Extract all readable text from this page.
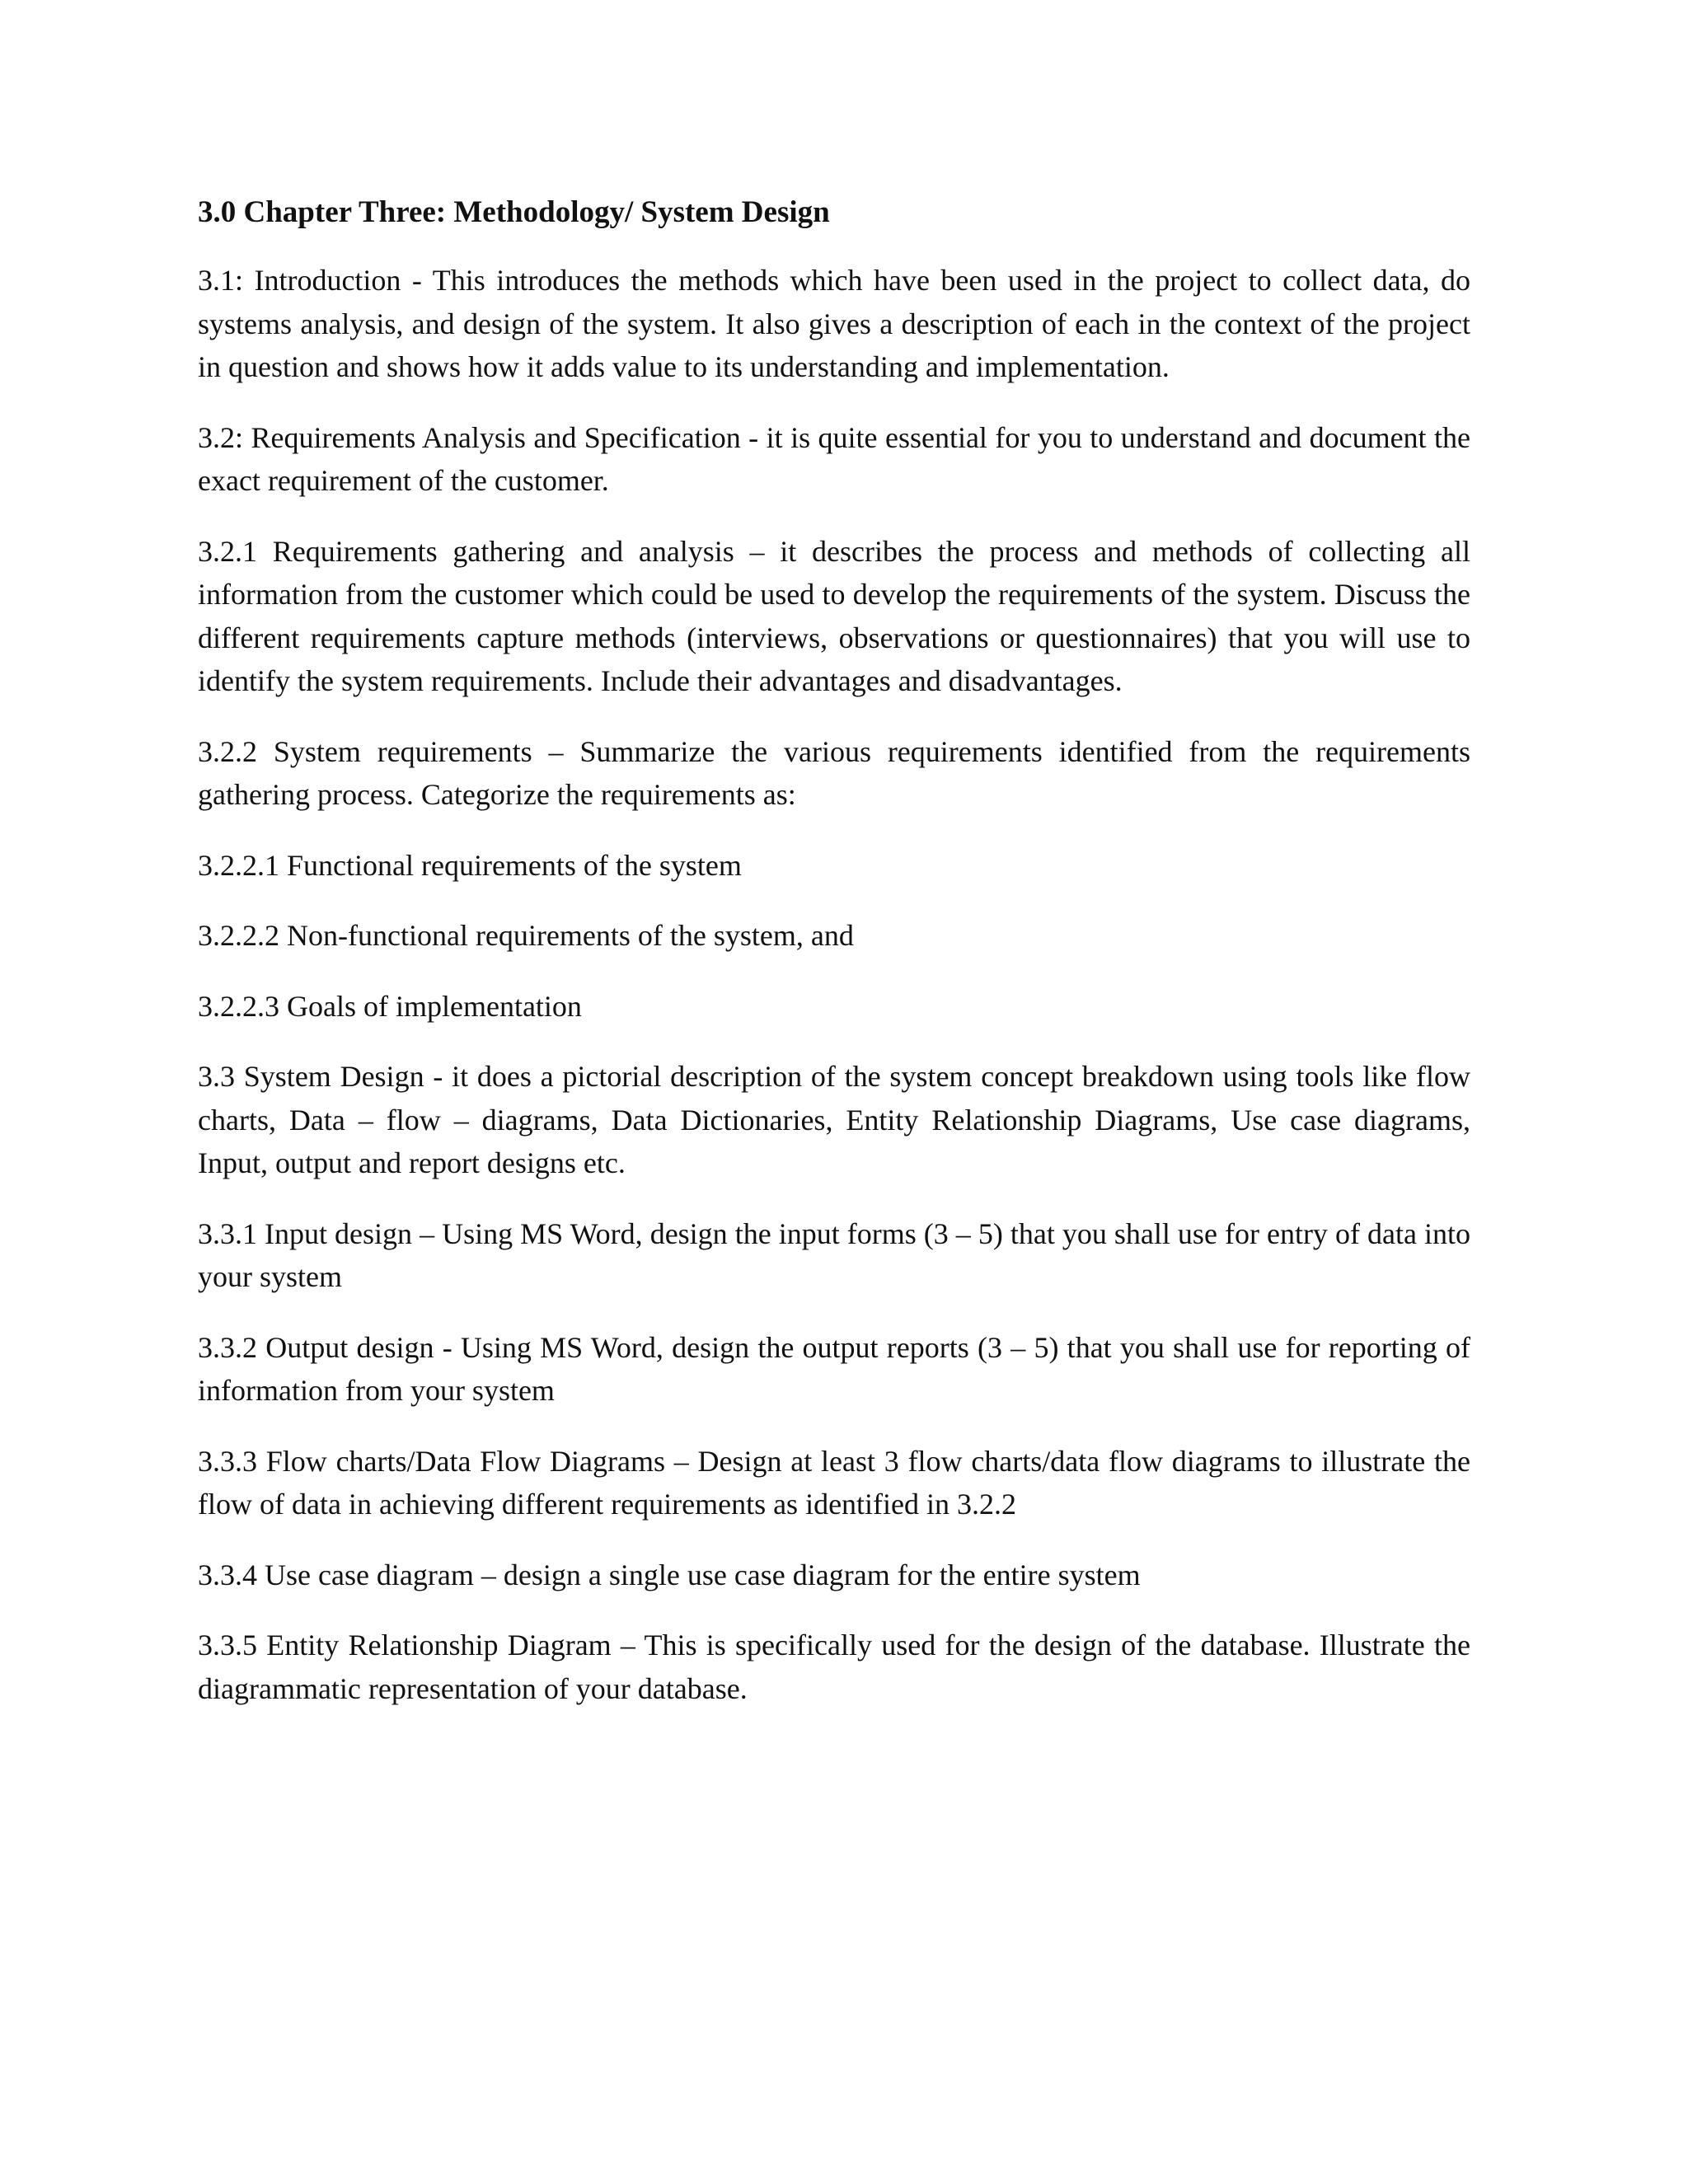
3.0 Chapter Three: Methodology/ System Design

3.1: Introduction - This introduces the methods which have been used in the project to collect data, do systems analysis, and design of the system. It also gives a description of each in the context of the project in question and shows how it adds value to its understanding and implementation.

3.2: Requirements Analysis and Specification - it is quite essential for you to understand and document the exact requirement of the customer.

3.2.1 Requirements gathering and analysis – it describes the process and methods of collecting all information from the customer which could be used to develop the requirements of the system. Discuss the different requirements capture methods (interviews, observations or questionnaires) that you will use to identify the system requirements. Include their advantages and disadvantages.

3.2.2 System requirements – Summarize the various requirements identified from the requirements gathering process. Categorize the requirements as:

3.2.2.1 Functional requirements of the system

3.2.2.2 Non-functional requirements of the system, and

3.2.2.3 Goals of implementation

3.3 System Design - it does a pictorial description of the system concept breakdown using tools like flow charts, Data – flow – diagrams, Data Dictionaries, Entity Relationship Diagrams, Use case diagrams, Input, output and report designs etc.

3.3.1 Input design – Using MS Word, design the input forms (3 – 5) that you shall use for entry of data into your system

3.3.2 Output design - Using MS Word, design the output reports (3 – 5) that you shall use for reporting of information from your system

3.3.3 Flow charts/Data Flow Diagrams – Design at least 3 flow charts/data flow diagrams to illustrate the flow of data in achieving different requirements as identified in 3.2.2

3.3.4 Use case diagram – design a single use case diagram for the entire system

3.3.5 Entity Relationship Diagram – This is specifically used for the design of the database. Illustrate the diagrammatic representation of your database.
